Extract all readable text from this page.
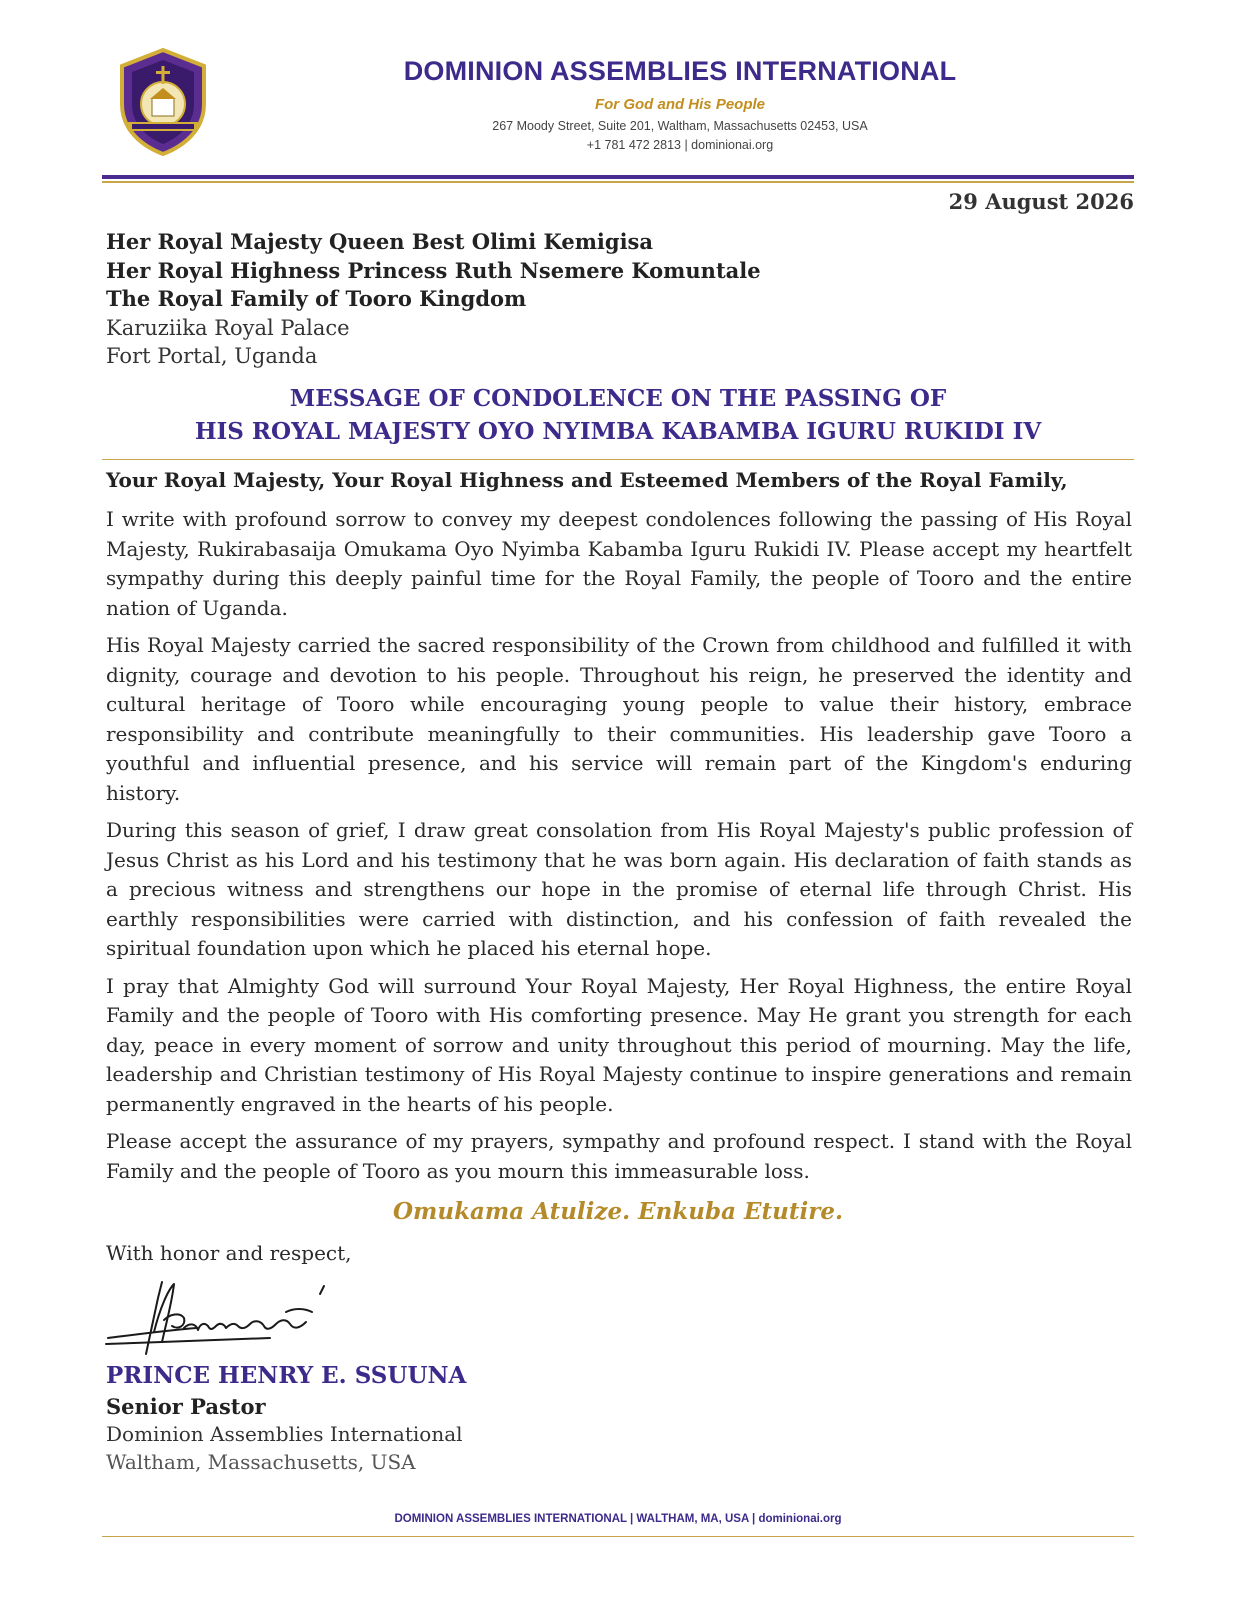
DOMINION ASSEMBLIES INTERNATIONAL
For God and His People
267 Moody Street, Suite 201, Waltham, Massachusetts 02453, USA
+1 781 472 2813 | dominionai.org
29 August 2026
Her Royal Majesty Queen Best Olimi Kemigisa
Her Royal Highness Princess Ruth Nsemere Komuntale
The Royal Family of Tooro Kingdom
Karuziika Royal Palace
Fort Portal, Uganda
MESSAGE OF CONDOLENCE ON THE PASSING OF
HIS ROYAL MAJESTY OYO NYIMBA KABAMBA IGURU RUKIDI IV
Your Royal Majesty, Your Royal Highness and Esteemed Members of the Royal Family,

I write with profound sorrow to convey my deepest condolences following the passing of His Royal Majesty, Rukirabasaija Omukama Oyo Nyimba Kabamba Iguru Rukidi IV. Please accept my heartfelt sympathy during this deeply painful time for the Royal Family, the people of Tooro and the entire nation of Uganda.

His Royal Majesty carried the sacred responsibility of the Crown from childhood and fulfilled it with dignity, courage and devotion to his people. Throughout his reign, he preserved the identity and cultural heritage of Tooro while encouraging young people to value their history, embrace responsibility and contribute meaningfully to their communities. His leadership gave Tooro a youthful and influential presence, and his service will remain part of the Kingdom's enduring history.

During this season of grief, I draw great consolation from His Royal Majesty's public profession of Jesus Christ as his Lord and his testimony that he was born again. His declaration of faith stands as a precious witness and strengthens our hope in the promise of eternal life through Christ. His earthly responsibilities were carried with distinction, and his confession of faith revealed the spiritual foundation upon which he placed his eternal hope.

I pray that Almighty God will surround Your Royal Majesty, Her Royal Highness, the entire Royal Family and the people of Tooro with His comforting presence. May He grant you strength for each day, peace in every moment of sorrow and unity throughout this period of mourning. May the life, leadership and Christian testimony of His Royal Majesty continue to inspire generations and remain permanently engraved in the hearts of his people.

Please accept the assurance of my prayers, sympathy and profound respect. I stand with the Royal Family and the people of Tooro as you mourn this immeasurable loss.

Omukama Atulize. Enkuba Etutire.
With honor and respect,
PRINCE HENRY E. SSUUNA
Senior Pastor
Dominion Assemblies International
Waltham, Massachusetts, USA
DOMINION ASSEMBLIES INTERNATIONAL | WALTHAM, MA, USA | dominionai.org
